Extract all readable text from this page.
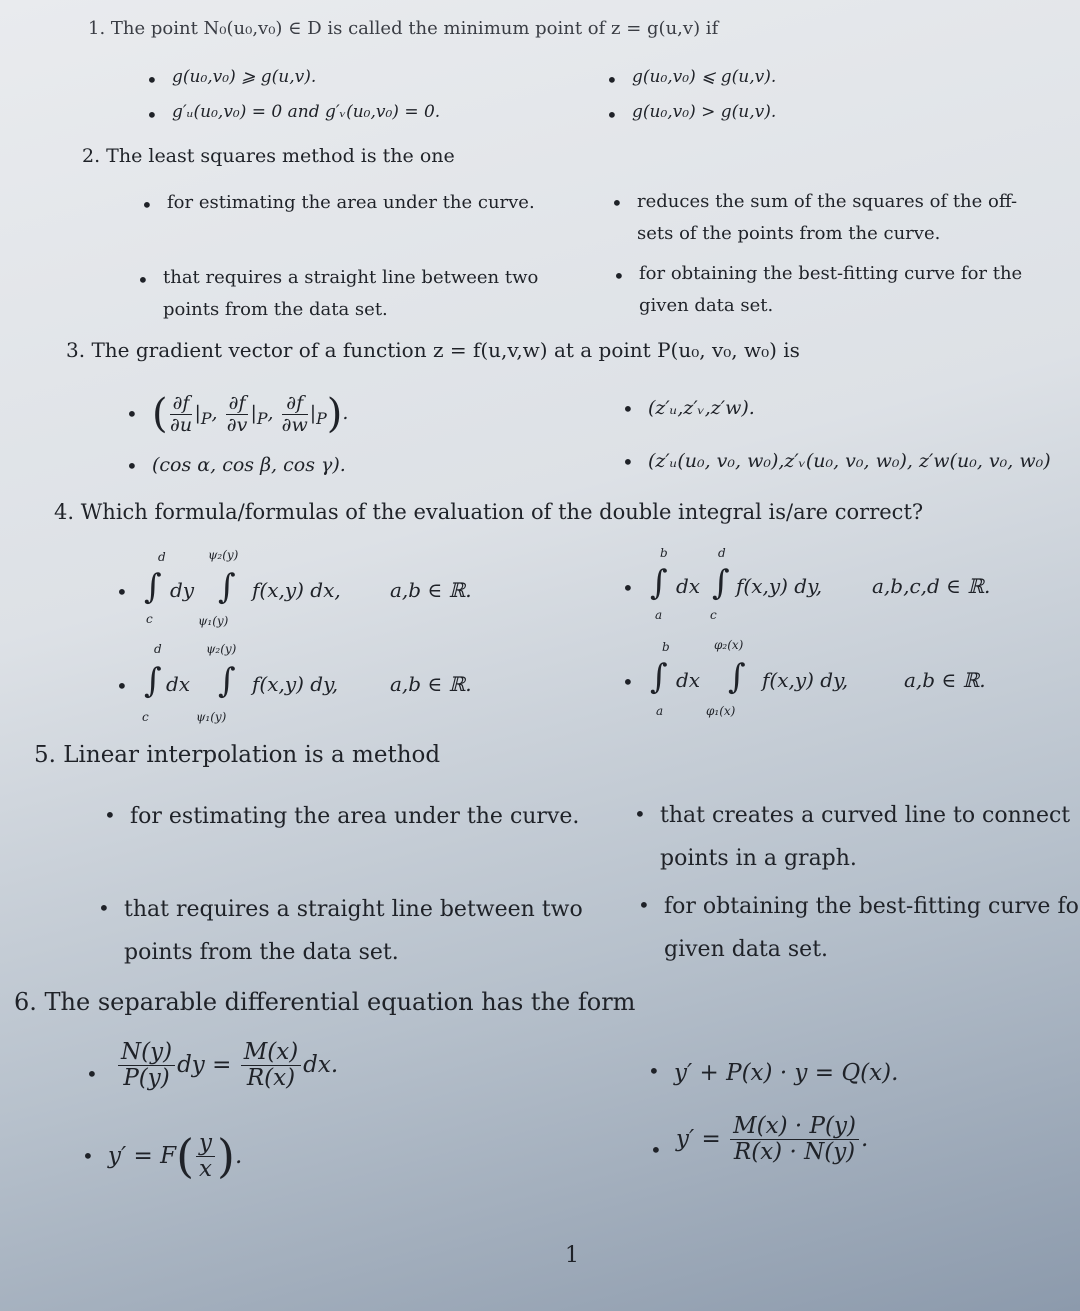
1. The point N₀(u₀,v₀) ∈ D is called the minimum point of z = g(u,v) if
• g(u₀,v₀) ⩾ g(u,v).	• g(u₀,v₀) ⩽ g(u,v).
• g′ᵤ(u₀,v₀) = 0 and g′ᵥ(u₀,v₀) = 0.	• g(u₀,v₀) > g(u,v).
2. The least squares method is the one
• for estimating the area under the curve.	• reduces the sum of the squares of the off-
sets of the points from the curve.
• that requires a straight line between two
points from the data set.
• for obtaining the best-fitting curve for the
given data set.
3. The gradient vector of a function z = f(u,v,w) at a point P(u₀, v₀, w₀) is
• ( $\frac{\partial f}{\partial u} |_P$, $\frac{\partial f}{\partial v} |_P$, $\frac{\partial f}{\partial w} |_P$).	• (z′ᵤ,z′ᵥ,z′w).
• (cos α, cos β, cos γ).	• (z′ᵤ(u₀, v₀, w₀),z′ᵥ(u₀, v₀, w₀), z′w(u₀, v₀, w₀)
4. Which formula/formulas of the evaluation of the double integral is/are correct?
•
d	ψ₂(y)
∫ dy ∫ f(x,y) dx, a,b ∈ ℝ.
c	ψ₁(y)
•
b	d
∫ dx ∫ f(x,y) dy, a,b,c,d ∈ ℝ.
a	c
•
d	ψ₂(y)
∫ dx ∫ f(x,y) dy,	a,b ∈ ℝ.
c	ψ₁(y)
•
b	φ₂(x)
∫ dx ∫ f(x,y) dy,	a,b ∈ ℝ.
a	φ₁(x)
5. Linear interpolation is a method
• for estimating the area under the curve.	• that creates a curved line to connect
points in a graph.
• that requires a straight line between two
points from the data set.
• for obtaining the best-fitting curve fo
given data set.
6. The separable differential equation has the form
• $\frac{N(y)}{P(y)}$ dy = $\frac{M(x)}{R(x)}$ dx.	• y′ + P(x) · y = Q(x).
• $y' = F( \frac{y}{x}$ ).	• $y' = \frac{M(x) \cdot P(y)}{R(x) \cdot N(y)}$ .
1
